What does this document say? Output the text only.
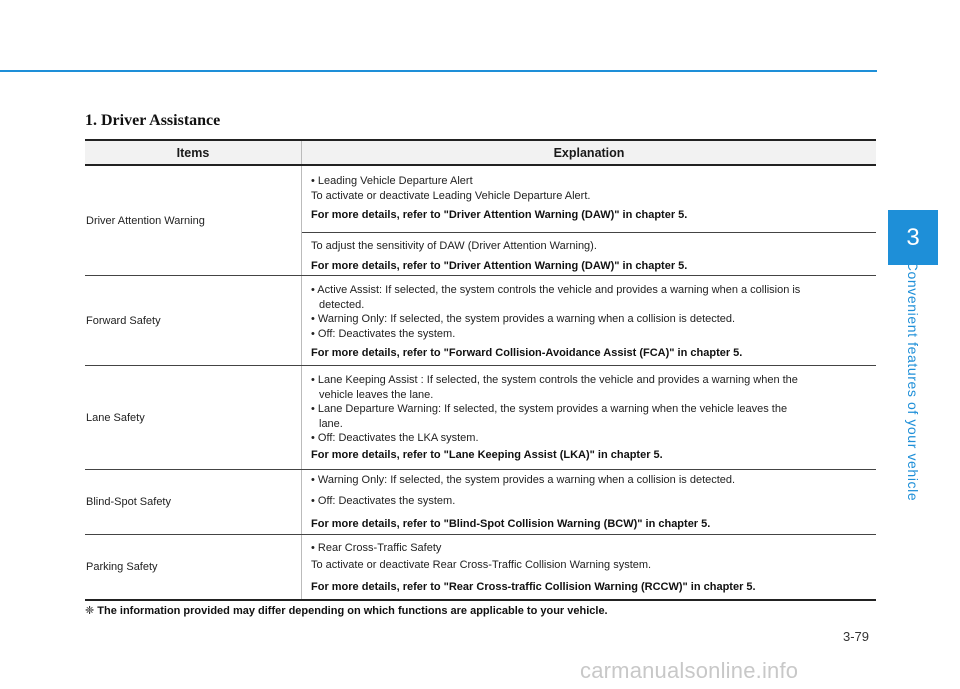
1. Driver Assistance
3
Convenient features of your vehicle
Items	Explanation
Driver Attention Warning
• Leading Vehicle Departure Alert
To activate or deactivate Leading Vehicle Departure Alert.
For more details, refer to "Driver Attention Warning (DAW)" in chapter 5.
To adjust the sensitivity of DAW (Driver Attention Warning).
For more details, refer to "Driver Attention Warning (DAW)" in chapter 5.
Forward Safety
• Active Assist: If selected, the system controls the vehicle and provides a warning when a collision is
detected.
• Warning Only: If selected, the system provides a warning when a collision is detected.
• Off: Deactivates the system.
For more details, refer to "Forward Collision-Avoidance Assist (FCA)" in chapter 5.
Lane Safety
• Lane Keeping Assist : If selected, the system controls the vehicle and provides a warning when the
vehicle leaves the lane.
• Lane Departure Warning: If selected, the system provides a warning when the vehicle leaves the
lane.
• Off: Deactivates the LKA system.
For more details, refer to "Lane Keeping Assist (LKA)" in chapter 5.
Blind-Spot Safety
• Warning Only: If selected, the system provides a warning when a collision is detected.
• Off: Deactivates the system.
For more details, refer to "Blind-Spot Collision Warning (BCW)" in chapter 5.
Parking Safety
• Rear Cross-Traffic Safety
To activate or deactivate Rear Cross-Traffic Collision Warning system.
For more details, refer to "Rear Cross-traffic Collision Warning (RCCW)" in chapter 5.

❈ The information provided may differ depending on which functions are applicable to your vehicle.

3-79
carmanualsonline.info
